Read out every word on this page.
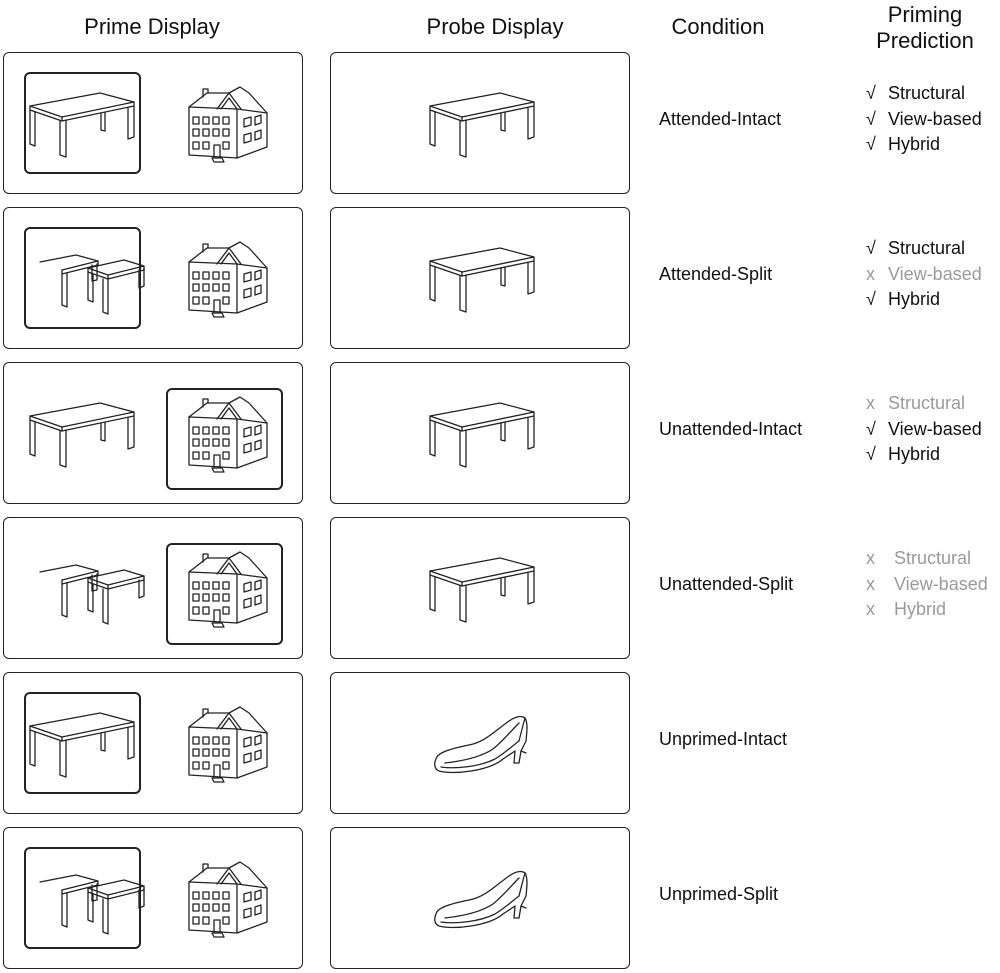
Prime Display	Probe Display	Condition	Priming
Prediction
Attended-Intact
√ Structural
√ View-based
√ Hybrid
Attended-Split
√ Structural
x View-based
√ Hybrid
Unattended-Intact
x Structural
√ View-based
√ Hybrid
Unattended-Split
x Structural
x View-based
x Hybrid
Unprimed-Intact
Unprimed-Split
